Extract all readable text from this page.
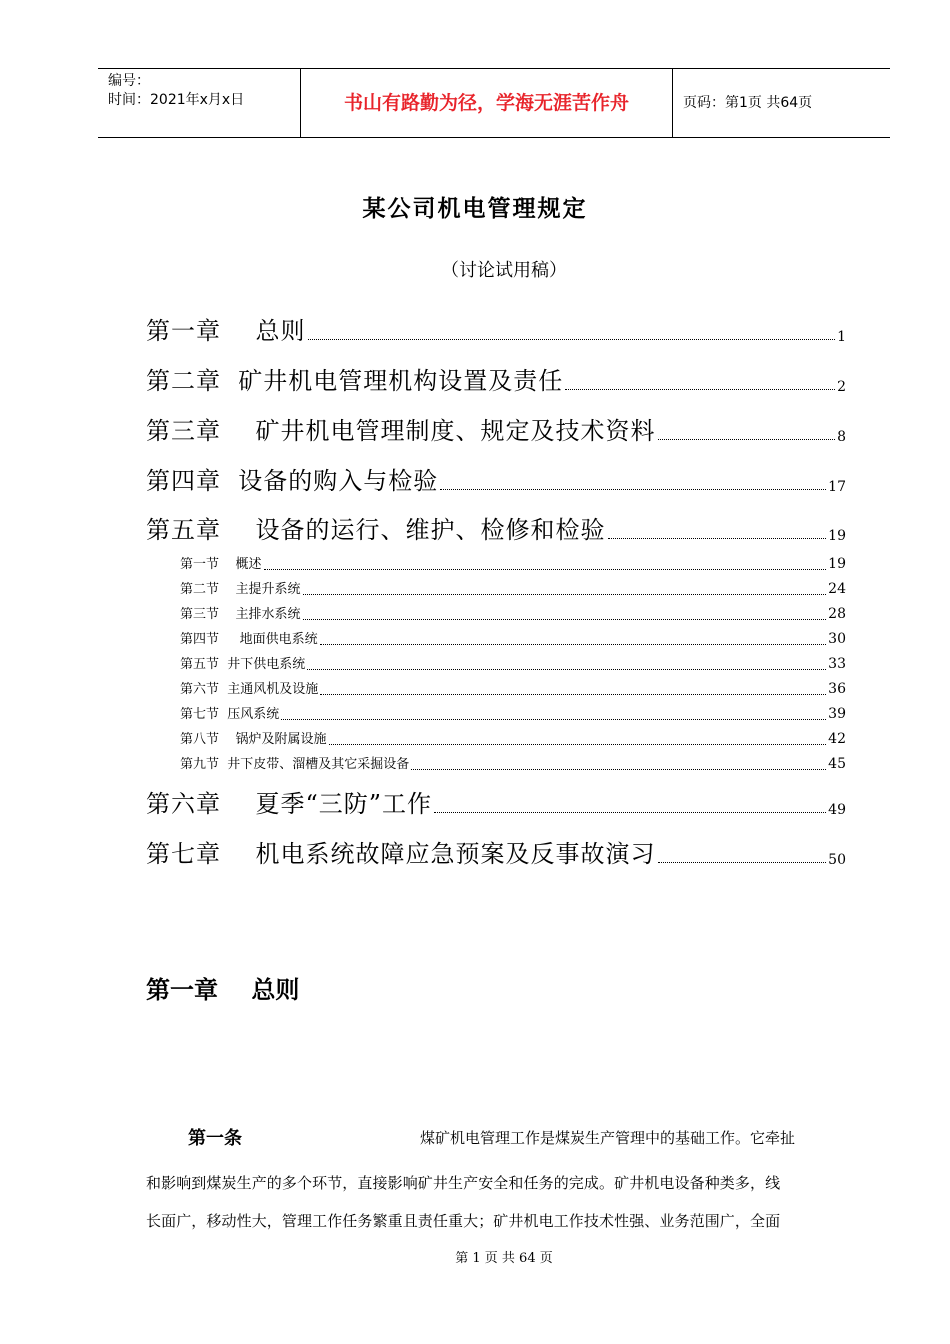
编号：
时间：2021年x月x日	书山有路勤为径，学海无涯苦作舟	页码：第1页 共64页
某公司机电管理规定
（讨论试用稿）
第一章    总则	1
第二章  矿井机电管理机构设置及责任	2
第三章    矿井机电管理制度、规定及技术资料	8
第四章  设备的购入与检验	17
第五章    设备的运行、维护、检修和检验	19
第一节    概述	19
第二节    主提升系统	24
第三节    主排水系统	28
第四节     地面供电系统	30
第五节  井下供电系统	33
第六节  主通风机及设施	36
第七节  压风系统	39
第八节    锅炉及附属设施	42
第九节  井下皮带、溜槽及其它采掘设备	45
第六章    夏季“三防”工作	49
第七章    机电系统故障应急预案及反事故演习	50
第一章    总则
第一条	煤矿机电管理工作是煤炭生产管理中的基础工作。它牵扯
和影响到煤炭生产的多个环节，直接影响矿井生产安全和任务的完成。矿井机电设备种类多，线
长面广，移动性大，管理工作任务繁重且责任重大；矿井机电工作技术性强、业务范围广，全面
第 1 页 共 64 页
